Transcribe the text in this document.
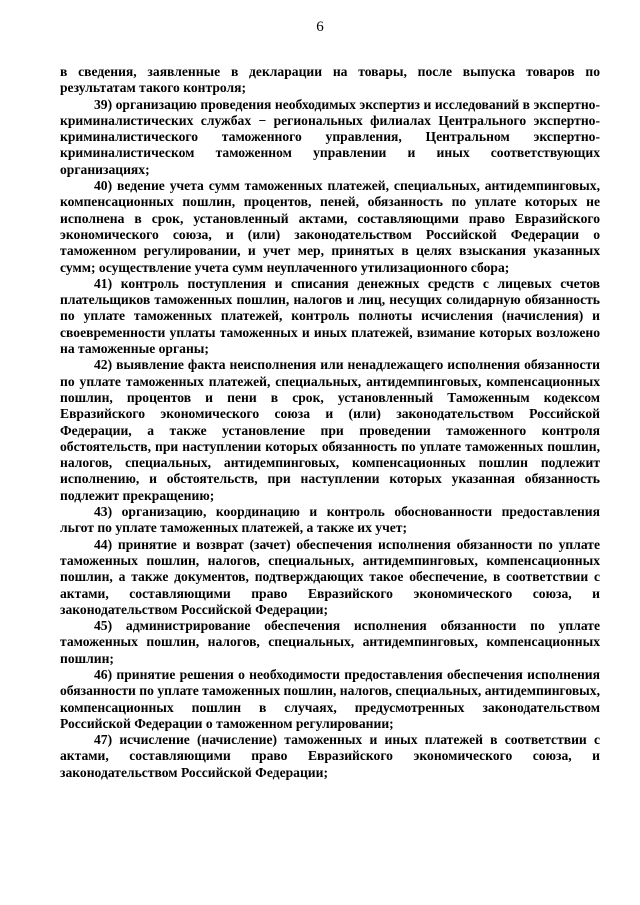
6

в сведения, заявленные в декларации на товары, после выпуска товаров по результатам такого контроля;

39) организацию проведения необходимых экспертиз и исследований в экспертно-криминалистических службах − региональных филиалах Центрального экспертно-криминалистического таможенного управления, Центральном экспертно-криминалистическом таможенном управлении и иных соответствующих организациях;

40) ведение учета сумм таможенных платежей, специальных, антидемпинговых, компенсационных пошлин, процентов, пеней, обязанность по уплате которых не исполнена в срок, установленный актами, составляющими право Евразийского экономического союза, и (или) законодательством Российской Федерации о таможенном регулировании, и учет мер, принятых в целях взыскания указанных сумм; осуществление учета сумм неуплаченного утилизационного сбора;

41) контроль поступления и списания денежных средств с лицевых счетов плательщиков таможенных пошлин, налогов и лиц, несущих солидарную обязанность по уплате таможенных платежей, контроль полноты исчисления (начисления) и своевременности уплаты таможенных и иных платежей, взимание которых возложено на таможенные органы;

42) выявление факта неисполнения или ненадлежащего исполнения обязанности по уплате таможенных платежей, специальных, антидемпинговых, компенсационных пошлин, процентов и пени в срок, установленный Таможенным кодексом Евразийского экономического союза и (или) законодательством Российской Федерации, а также установление при проведении таможенного контроля обстоятельств, при наступлении которых обязанность по уплате таможенных пошлин, налогов, специальных, антидемпинговых, компенсационных пошлин подлежит исполнению, и обстоятельств, при наступлении которых указанная обязанность подлежит прекращению;

43) организацию, координацию и контроль обоснованности предоставления льгот по уплате таможенных платежей, а также их учет;

44) принятие и возврат (зачет) обеспечения исполнения обязанности по уплате таможенных пошлин, налогов, специальных, антидемпинговых, компенсационных пошлин, а также документов, подтверждающих такое обеспечение, в соответствии с актами, составляющими право Евразийского экономического союза, и законодательством Российской Федерации;

45) администрирование обеспечения исполнения обязанности по уплате таможенных пошлин, налогов, специальных, антидемпинговых, компенсационных пошлин;

46) принятие решения о необходимости предоставления обеспечения исполнения обязанности по уплате таможенных пошлин, налогов, специальных, антидемпинговых, компенсационных пошлин в случаях, предусмотренных законодательством Российской Федерации о таможенном регулировании;

47) исчисление (начисление) таможенных и иных платежей в соответствии с актами, составляющими право Евразийского экономического союза, и законодательством Российской Федерации;
